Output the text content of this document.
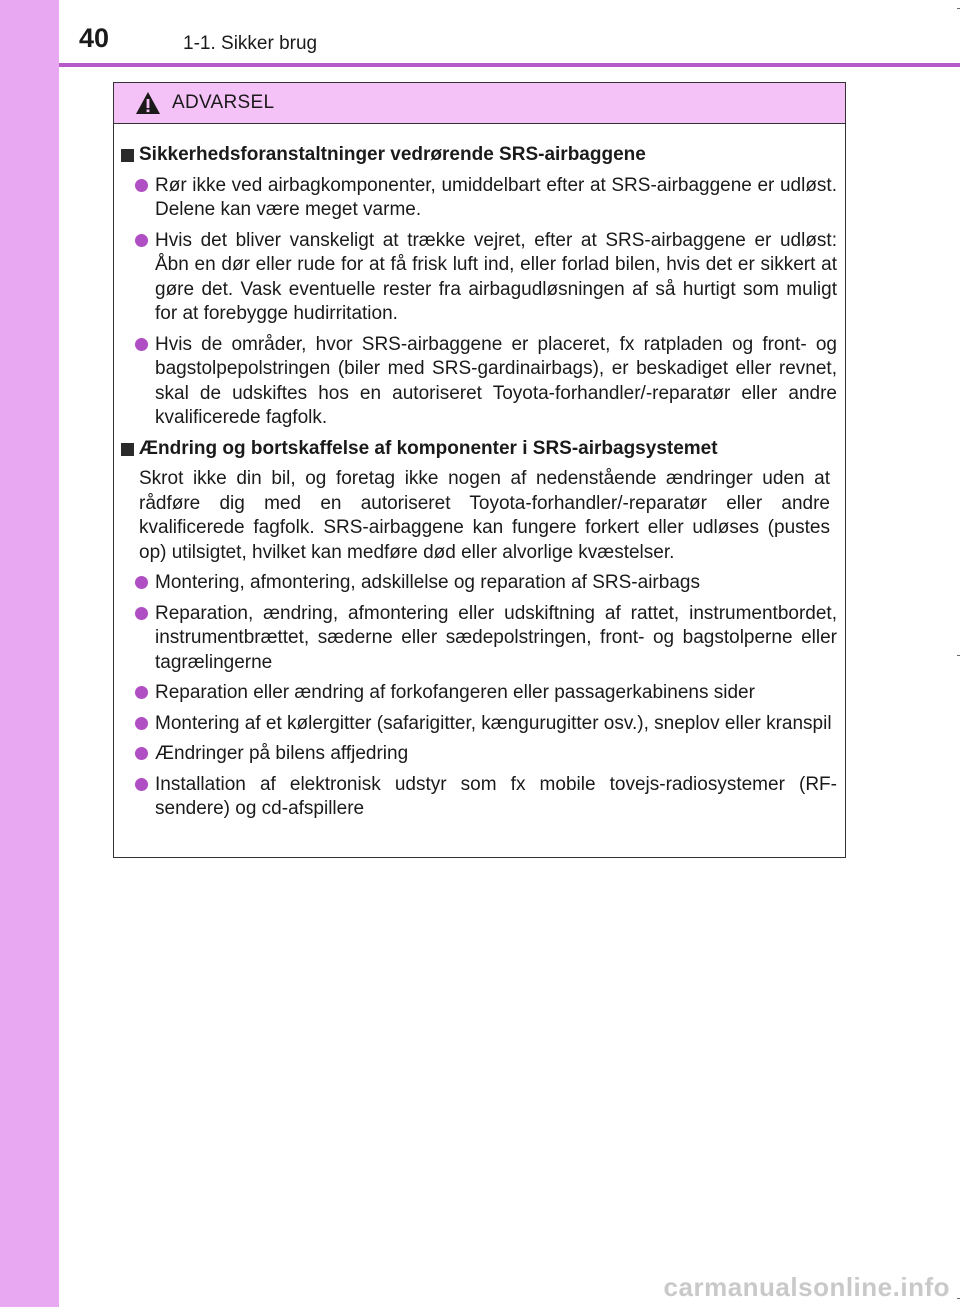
40	1-1. Sikker brug
ADVARSEL
Sikkerhedsforanstaltninger vedrørende SRS-airbaggene
Rør ikke ved airbagkomponenter, umiddelbart efter at SRS-airbaggene er udløst. Delene kan være meget varme.
Hvis det bliver vanskeligt at trække vejret, efter at SRS-airbaggene er udløst: Åbn en dør eller rude for at få frisk luft ind, eller forlad bilen, hvis det er sikkert at gøre det. Vask eventuelle rester fra airbagudløsningen af så hurtigt som muligt for at forebygge hudirritation.
Hvis de områder, hvor SRS-airbaggene er placeret, fx ratpladen og front- og bagstolpepolstringen (biler med SRS-gardinairbags), er beskadiget eller revnet, skal de udskiftes hos en autoriseret Toyota-forhandler/-reparatør eller andre kvalificerede fagfolk.
Ændring og bortskaffelse af komponenter i SRS-airbagsystemet
Skrot ikke din bil, og foretag ikke nogen af nedenstående ændringer uden at rådføre dig med en autoriseret Toyota-forhandler/-reparatør eller andre kvalificerede fagfolk. SRS-airbaggene kan fungere forkert eller udløses (pustes op) utilsigtet, hvilket kan medføre død eller alvorlige kvæstelser.
Montering, afmontering, adskillelse og reparation af SRS-airbags
Reparation, ændring, afmontering eller udskiftning af rattet, instrumentbordet, instrumentbrættet, sæderne eller sædepolstringen, front- og bagstolperne eller tagrælingerne
Reparation eller ændring af forkofangeren eller passagerkabinens sider
Montering af et kølergitter (safarigitter, kængurugitter osv.), sneplov eller kranspil
Ændringer på bilens affjedring
Installation af elektronisk udstyr som fx mobile tovejs-radiosystemer (RF-sendere) og cd-afspillere
carmanualsonline.info
